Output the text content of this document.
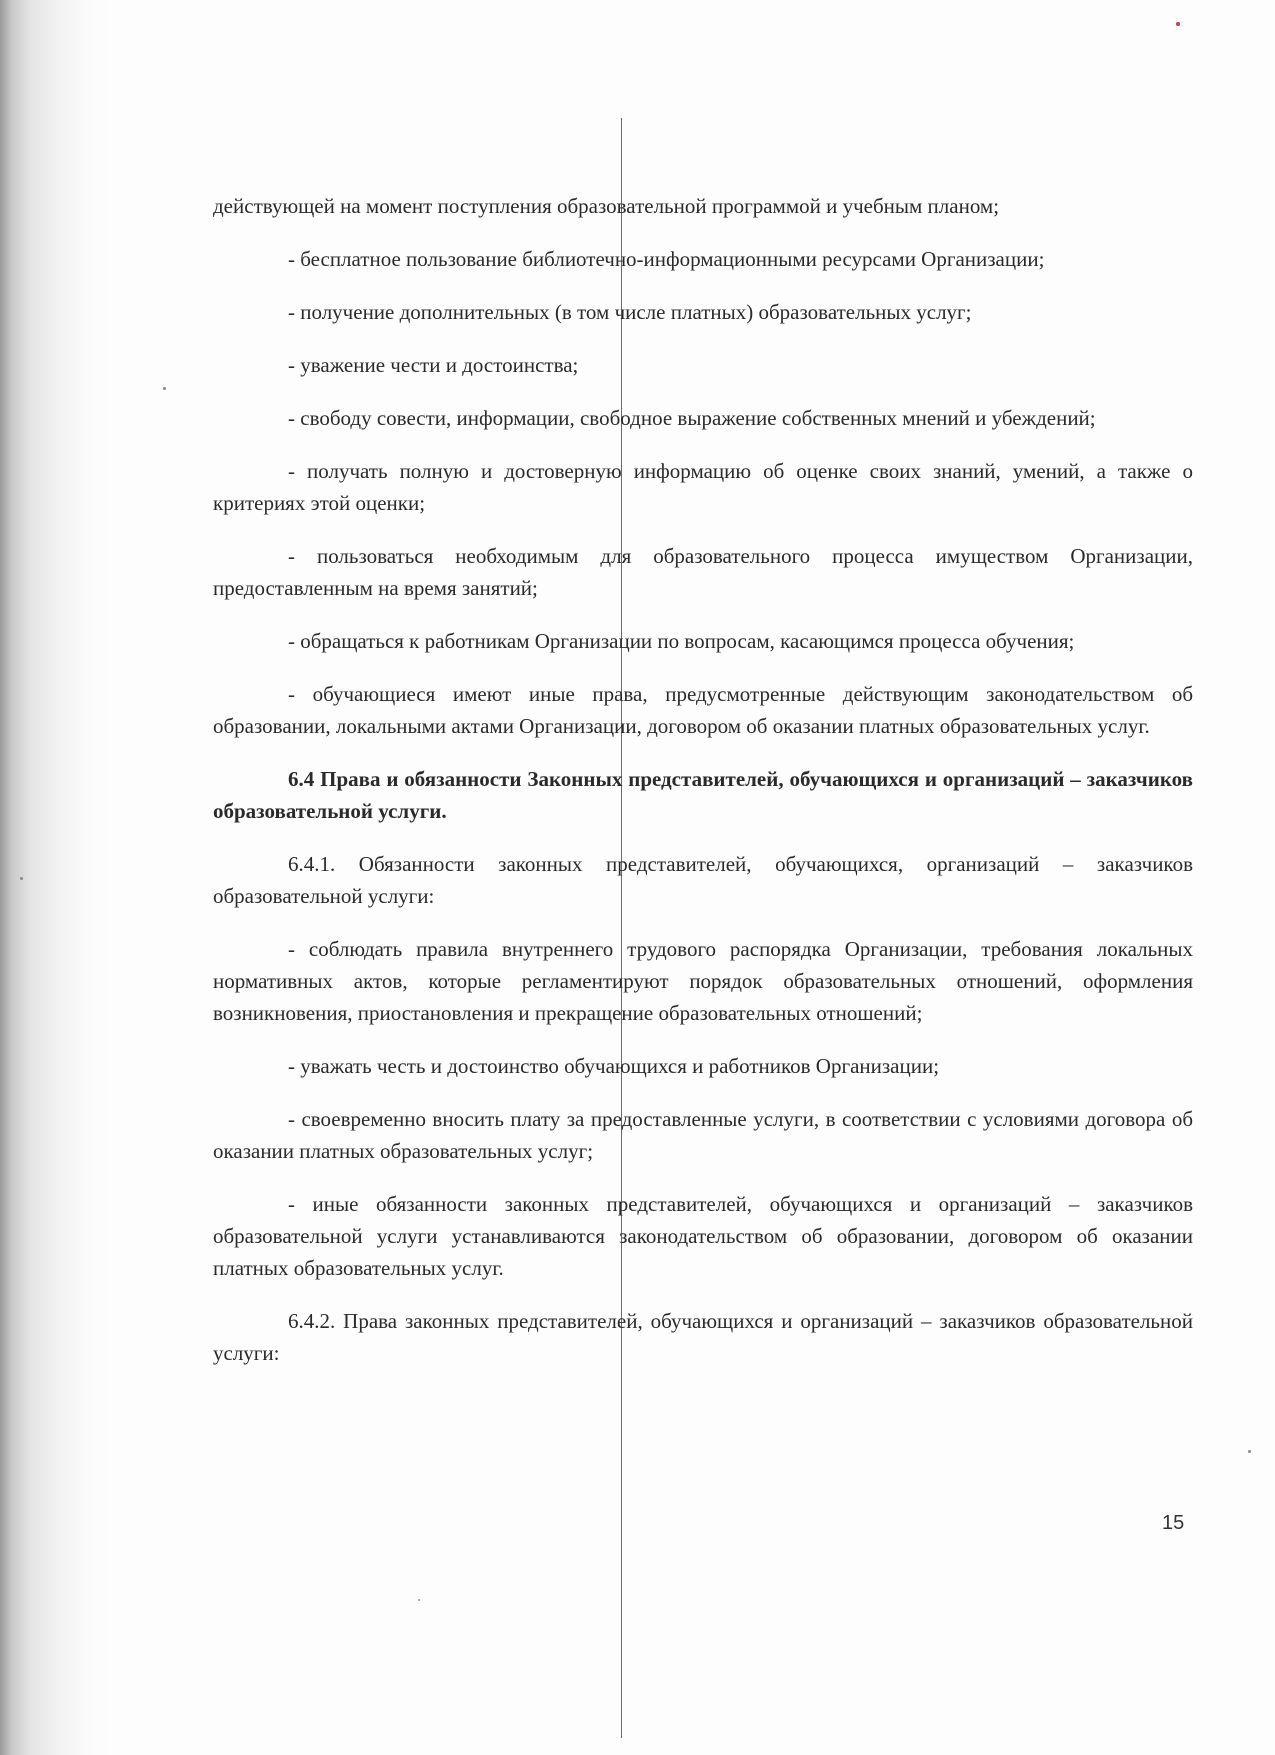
действующей на момент поступления образовательной программой и учебным планом;

- бесплатное пользование библиотечно-информационными ресурсами Организации;

- получение дополнительных (в том числе платных) образовательных услуг;

- уважение чести и достоинства;

- свободу совести, информации, свободное выражение собственных мнений и убеждений;

- получать полную и достоверную информацию об оценке своих знаний, умений, а также о критериях этой оценки;

- пользоваться необходимым для образовательного процесса имуществом Организации, предоставленным на время занятий;

- обращаться к работникам Организации по вопросам, касающимся процесса обучения;

- обучающиеся имеют иные права, предусмотренные действующим законодательством об образовании, локальными актами Организации, договором об оказании платных образовательных услуг.

6.4 Права и обязанности Законных представителей, обучающихся и организаций – заказчиков образовательной услуги.

6.4.1. Обязанности законных представителей, обучающихся, организаций – заказчиков образовательной услуги:

- соблюдать правила внутреннего трудового распорядка Организации, требования локальных нормативных актов, которые регламентируют порядок образовательных отношений, оформления возникновения, приостановления и прекращение образовательных отношений;

- уважать честь и достоинство обучающихся и работников Организации;

- своевременно вносить плату за предоставленные услуги, в соответствии с условиями договора об оказании платных образовательных услуг;

- иные обязанности законных представителей, обучающихся и организаций – заказчиков образовательной услуги устанавливаются законодательством об образовании, договором об оказании платных образовательных услуг.

6.4.2. Права законных представителей, обучающихся и организаций – заказчиков образовательной услуги:

15
